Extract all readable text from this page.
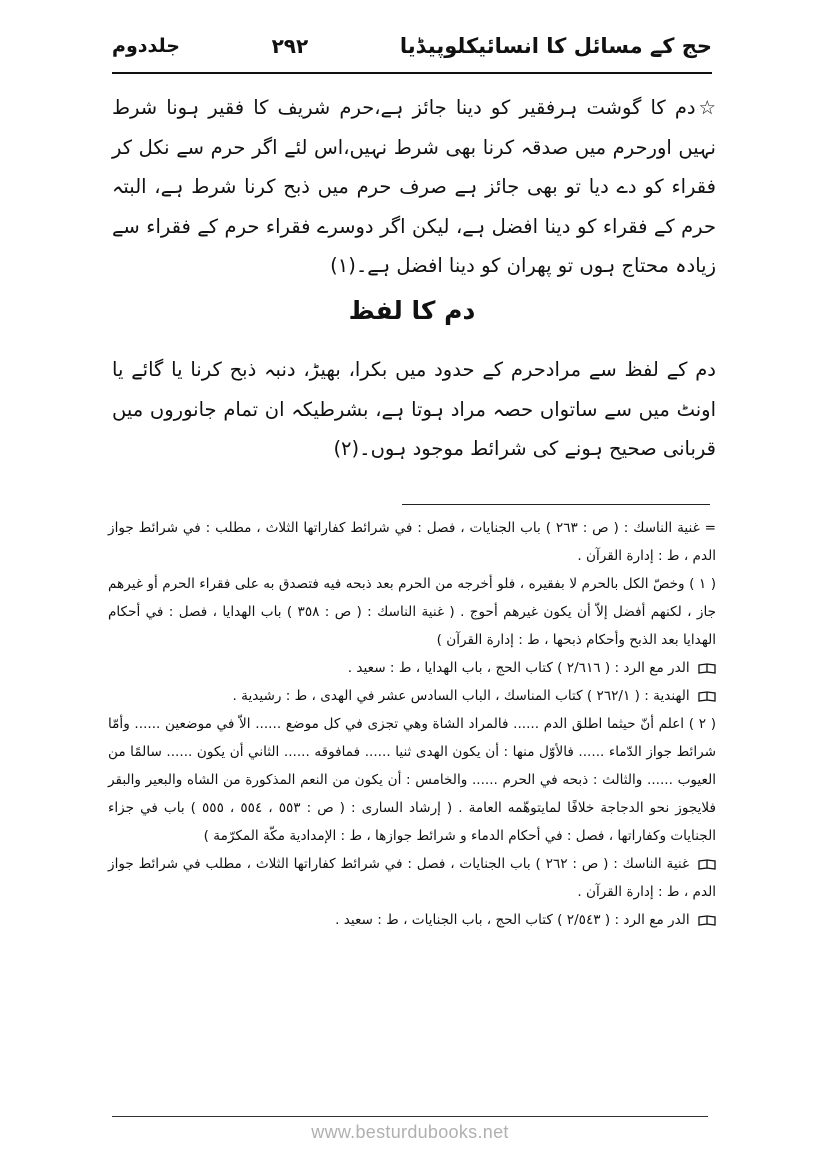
حج کے مسائل کا انسائیکلوپیڈیا
۲۹۲
جلددوم
☆دم کا گوشت ہرفقیر کو دینا جائز ہے،حرم شریف کا فقیر ہونا شرط نہیں اورحرم میں صدقہ کرنا بھی شرط نہیں،اس لئے اگر حرم سے نکل کر فقراء کو دے دیا تو بھی جائز ہے صرف حرم میں ذبح کرنا شرط ہے، البتہ حرم کے فقراء کو دینا افضل ہے، لیکن اگر دوسرے فقراء حرم کے فقراء سے زیادہ محتاج ہوں تو پھران کو دینا افضل ہے۔(۱)
دم کا لفظ
دم کے لفظ سے مرادحرم کے حدود میں بکرا، بھیڑ، دنبہ ذبح کرنا یا گائے یا اونٹ میں سے ساتواں حصہ مراد ہوتا ہے، بشرطیکہ ان تمام جانوروں میں قربانی صحیح ہونے کی شرائط موجود ہوں۔(۲)

= غنية الناسك : ( ص : ٢٦٣ ) باب الجنايات ، فصل : في شرائط كفاراتها الثلاث ، مطلب : في شرائط جواز الدم ، ط : إدارة القرآن .

( ١ ) وخصّ الكل بالحرم لا بفقيره ، فلو أخرجه من الحرم بعد ذبحه فيه فتصدق به على فقراء الحرم أو غيرهم جاز ، لكنهم أفضل إلاّ أن يكون غيرهم أحوج . ( غنية الناسك : ( ص : ٣٥٨ ) باب الهدايا ، فصل : في أحكام الهدايا بعد الذبح وأحكام ذبحها ، ط : إدارة القرآن )

الدر مع الرد : ( ٢/٦١٦ ) كتاب الحج ، باب الهدايا ، ط : سعيد .

الهندية : ( ٢٦٢/١ ) كتاب المناسك ، الباب السادس عشر في الهدى ، ط : رشيدية .

( ٢ ) اعلم أنّ حيثما اطلق الدم ...... فالمراد الشاة وهي تجزى في كل موضع ...... الاّ في موضعين ...... وأمّا شرائط جواز الدّماء ...... فالأوّل منها : أن يكون الهدى ثنيا ...... فمافوقه ...... الثاني أن يكون ...... سالمًا من العيوب ...... والثالث : ذبحه في الحرم ...... والخامس : أن يكون من النعم المذكورة من الشاه والبعير والبقر فلايجوز نحو الدجاجة خلافًا لمايتوهّمه العامة . ( إرشاد السارى : ( ص : ٥٥٣ ، ٥٥٤ ، ٥٥٥ ) باب في جزاء الجنايات وكفاراتها ، فصل : في أحكام الدماء و شرائط جوازها ، ط : الإمدادية مكّة المكرّمة )

غنية الناسك : ( ص : ٢٦٢ ) باب الجنايات ، فصل : في شرائط كفاراتها الثلاث ، مطلب في شرائط جواز الدم ، ط : إدارة القرآن .

الدر مع الرد : ( ٢/٥٤٣ ) كتاب الحج ، باب الجنايات ، ط : سعيد .

www.besturdubooks.net
